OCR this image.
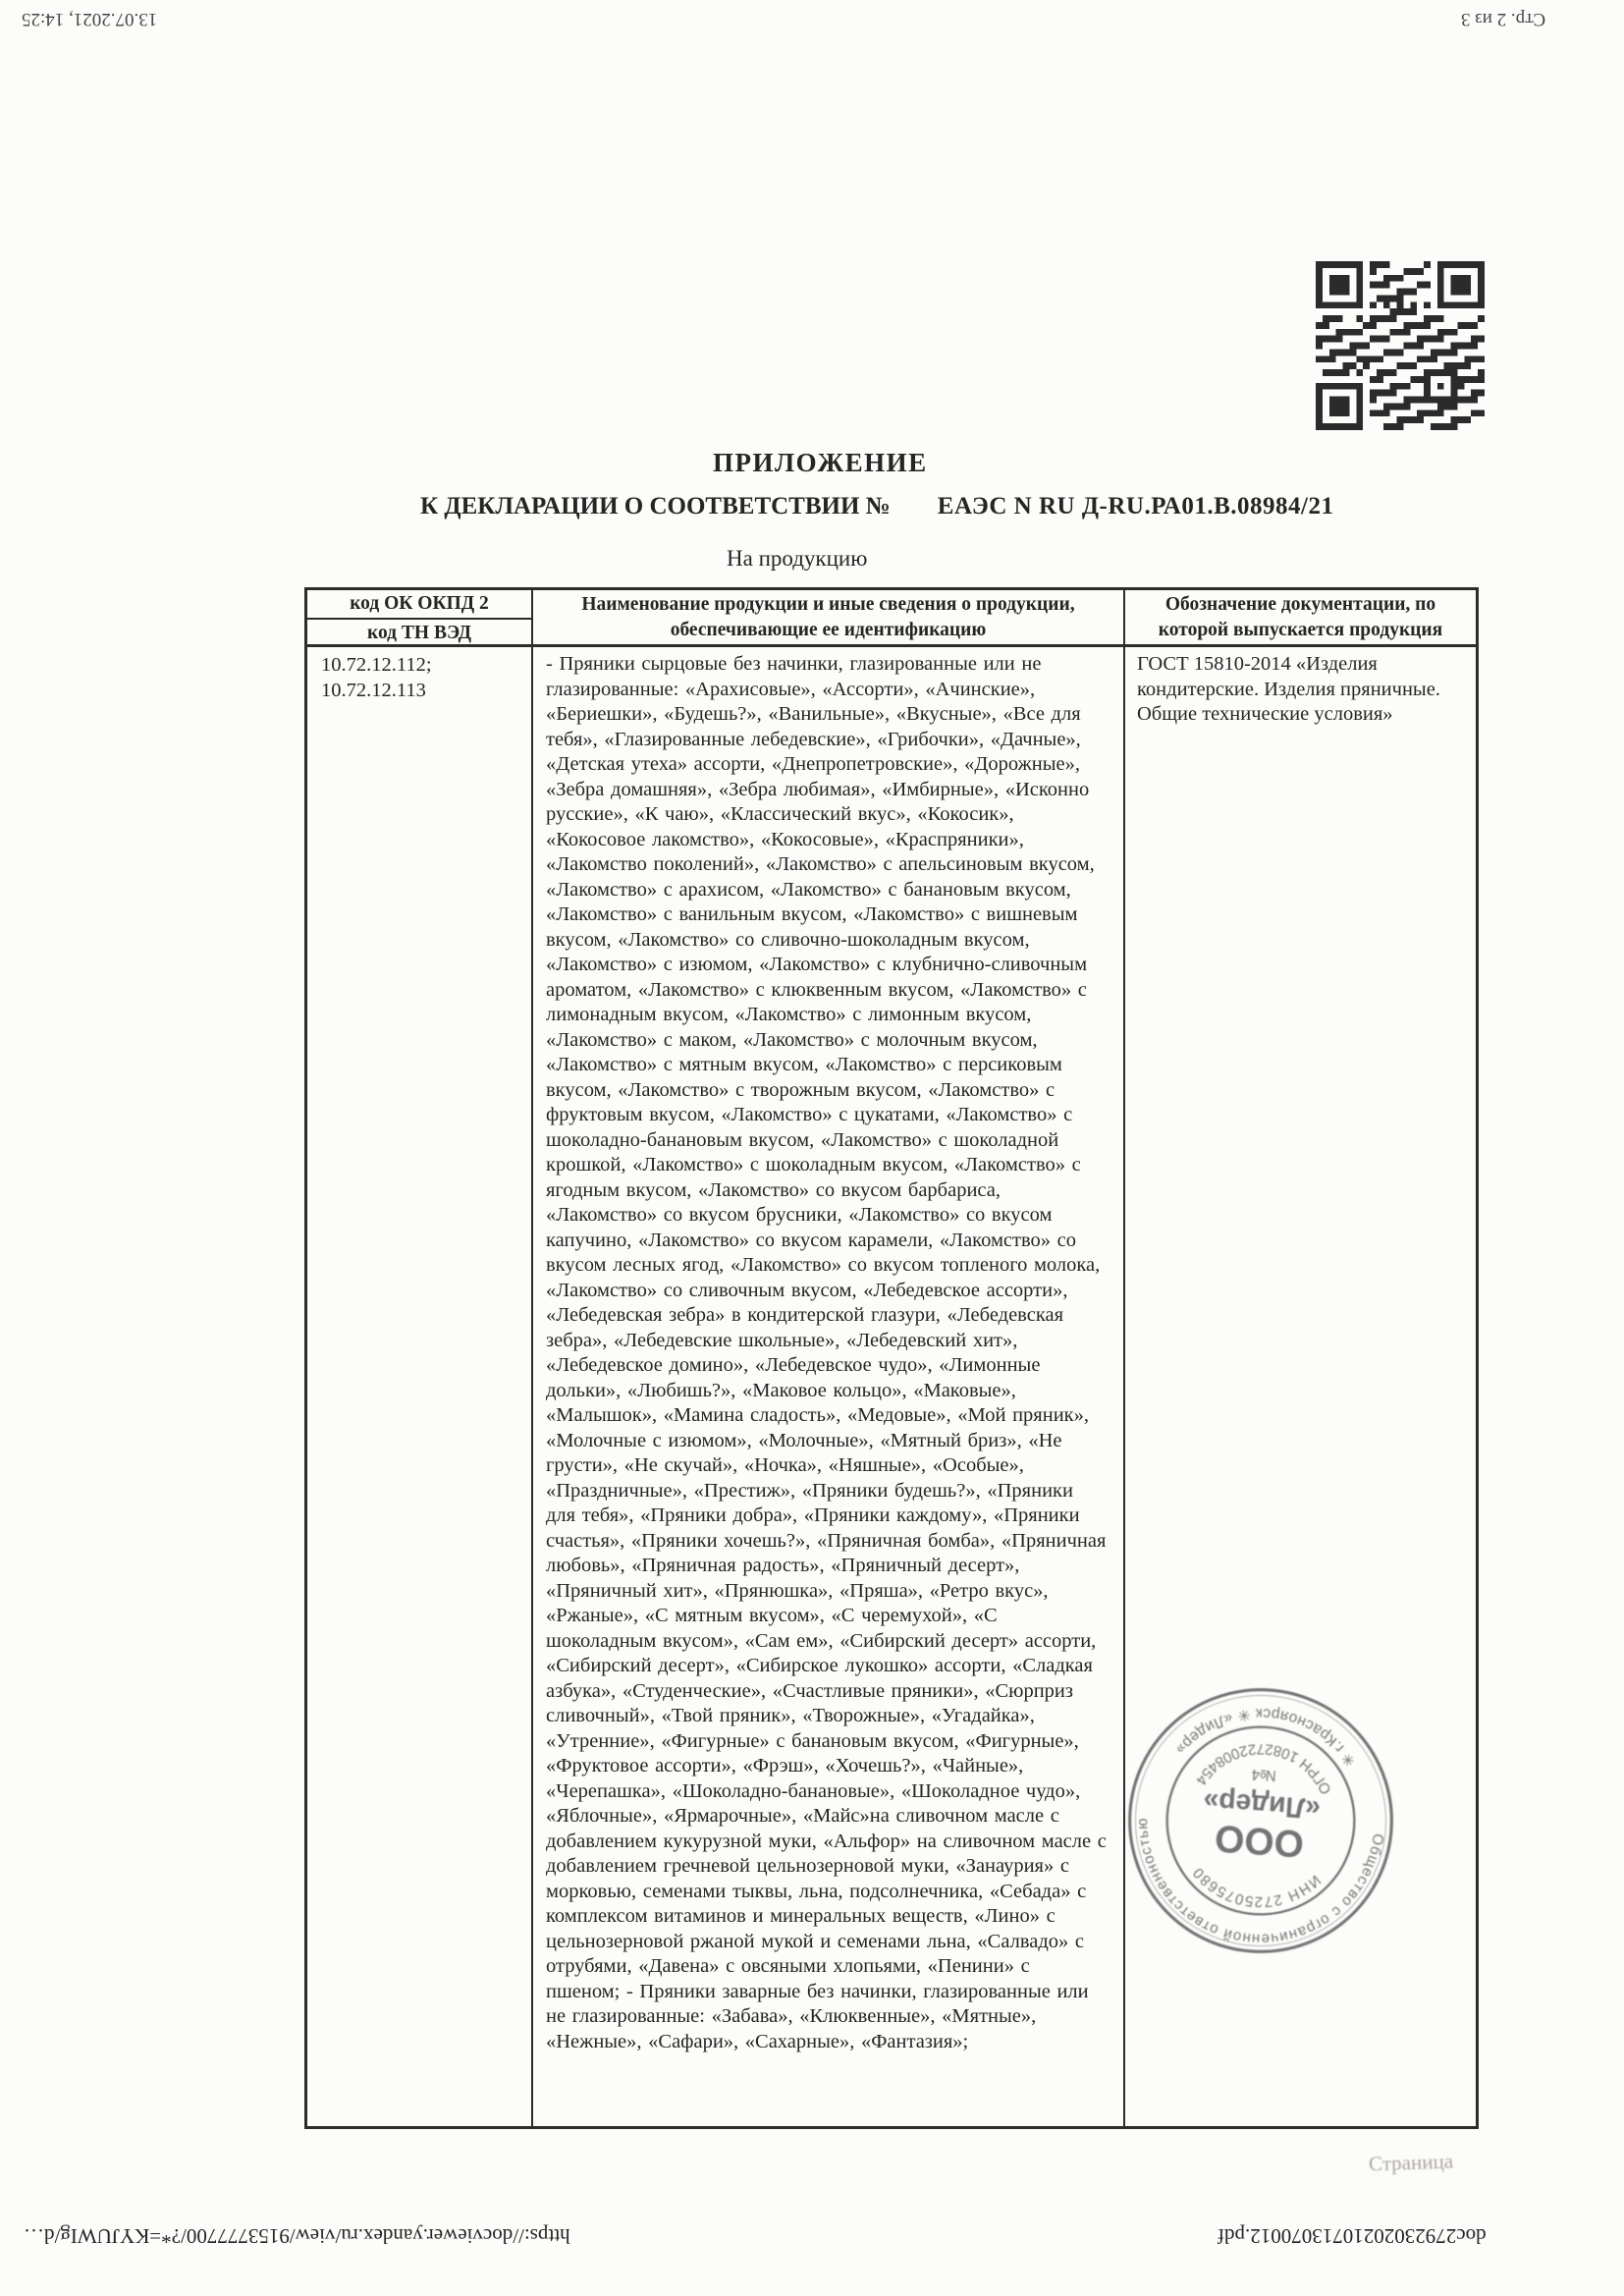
13.07.2021, 14:25	Стр. 2 из 3
ПРИЛОЖЕНИЕ
К ДЕКЛАРАЦИИ О СООТВЕТСТВИИ № ЕАЭС N RU Д-RU.РА01.В.08984/21
На продукцию
код ОК ОКПД 2
код ТН ВЭД
Наименование продукции и иные сведения о продукции, обеспечивающие ее идентификацию
Обозначение документации, по которой выпускается продукция
10.72.12.112;
10.72.12.113
- Пряники сырцовые без начинки, глазированные или не глазированные: «Арахисовые», «Ассорти», «Ачинские», «Бериешки», «Будешь?», «Ванильные», «Вкусные», «Все для тебя», «Глазированные лебедевские», «Грибочки», «Дачные», «Детская утеха» ассорти, «Днепропетровские», «Дорожные», «Зебра домашняя», «Зебра любимая», «Имбирные», «Исконно русские», «К чаю», «Классический вкус», «Кокосик», «Кокосовое лакомство», «Кокосовые», «Краспряники», «Лакомство поколений», «Лакомство» с апельсиновым вкусом, «Лакомство» с арахисом, «Лакомство» с банановым вкусом, «Лакомство» с ванильным вкусом, «Лакомство» с вишневым вкусом, «Лакомство» со сливочно-шоколадным вкусом, «Лакомство» с изюмом, «Лакомство» с клубнично-сливочным ароматом, «Лакомство» с клюквенным вкусом, «Лакомство» с лимонадным вкусом, «Лакомство» с лимонным вкусом, «Лакомство» с маком, «Лакомство» с молочным вкусом, «Лакомство» с мятным вкусом, «Лакомство» с персиковым вкусом, «Лакомство» с творожным вкусом, «Лакомство» с фруктовым вкусом, «Лакомство» с цукатами, «Лакомство» с шоколадно-банановым вкусом, «Лакомство» с шоколадной крошкой, «Лакомство» с шоколадным вкусом, «Лакомство» с ягодным вкусом, «Лакомство» со вкусом барбариса, «Лакомство» со вкусом брусники, «Лакомство» со вкусом капучино, «Лакомство» со вкусом карамели, «Лакомство» со вкусом лесных ягод, «Лакомство» со вкусом топленого молока, «Лакомство» со сливочным вкусом, «Лебедевское ассорти», «Лебедевская зебра» в кондитерской глазури, «Лебедевская зебра», «Лебедевские школьные», «Лебедевский хит», «Лебедевское домино», «Лебедевское чудо», «Лимонные дольки», «Любишь?», «Маковое кольцо», «Маковые», «Малышок», «Мамина сладость», «Медовые», «Мой пряник», «Молочные с изюмом», «Молочные», «Мятный бриз», «Не грусти», «Не скучай», «Ночка», «Няшные», «Особые», «Праздничные», «Престиж», «Пряники будешь?», «Пряники для тебя», «Пряники добра», «Пряники каждому», «Пряники счастья», «Пряники хочешь?», «Пряничная бомба», «Пряничная любовь», «Пряничная радость», «Пряничный десерт», «Пряничный хит», «Прянюшка», «Пряша», «Ретро вкус», «Ржаные», «С мятным вкусом», «С черемухой», «С шоколадным вкусом», «Сам ем», «Сибирский десерт» ассорти, «Сибирский десерт», «Сибирское лукошко» ассорти, «Сладкая азбука», «Студенческие», «Счастливые пряники», «Сюрприз сливочный», «Твой пряник», «Творожные», «Угадайка», «Утренние», «Фигурные» с банановым вкусом, «Фигурные», «Фруктовое ассорти», «Фрэш», «Хочешь?», «Чайные», «Черепашка», «Шоколадно-банановые», «Шоколадное чудо», «Яблочные», «Ярмарочные», «Майс»на сливочном масле с добавлением кукурузной муки, «Альфор» на сливочном масле с добавлением гречневой цельнозерновой муки, «Занаурия» с морковью, семенами тыквы, льна, подсолнечника, «Себада» с комплексом витаминов и минеральных веществ, «Лино» с цельнозерновой ржаной мукой и семенами льна, «Салвадо» с отрубями, «Давена» с овсяными хлопьями, «Пенини» с пшеном; - Пряники заварные без начинки, глазированные или не глазированные: «Забава», «Клюквенные», «Мятные», «Нежные», «Сафари», «Сахарные», «Фантазия»;
ГОСТ 15810-2014 «Изделия кондитерские. Изделия пряничные. Общие технические условия»
Общество с ограниченной ответственностью
✳ г.Красноярск ✳ «Лидер»
ИНН 2725075680
ОГРН 1082722008454
ООО
«Лидер»
№4
Страница
https://docviewer.yandex.ru/view/9153777700/?*=KYJUWIg/d…	doc27923020210713070012.pdf
